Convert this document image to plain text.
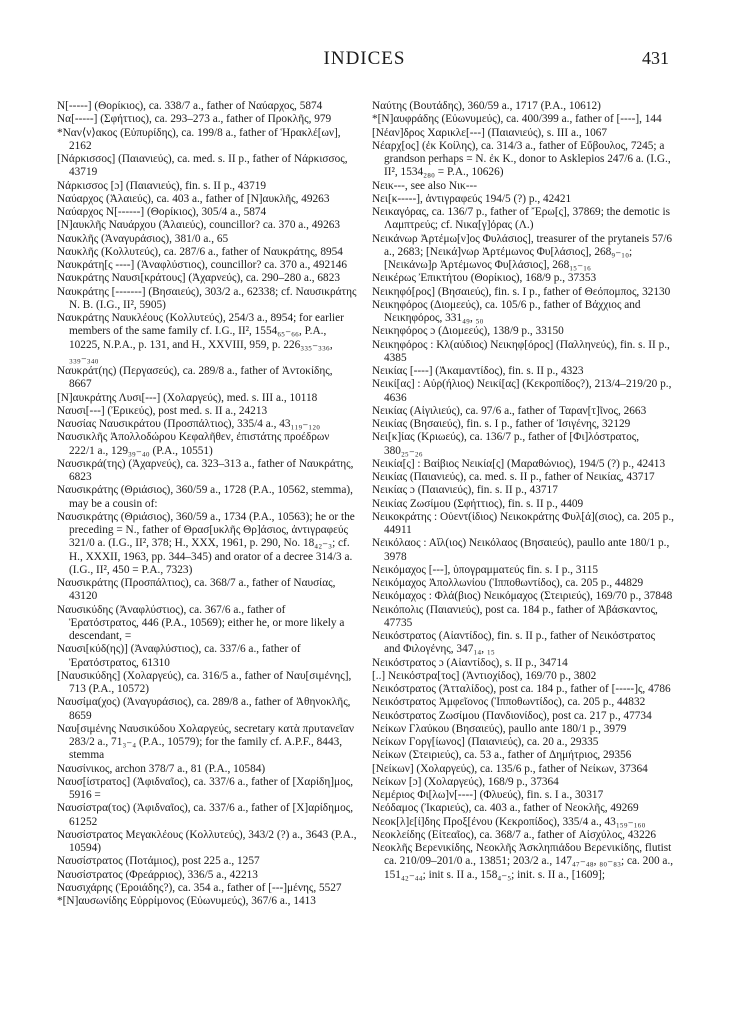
INDICES	431

N[-----] (Θορίκιος), ca. 338/7 a., father of Ναύαρχος, 5874

Να[-----] (Σφήττιος), ca. 293–273 a., father of Προκλῆς, 979

*Ναν⟨ν⟩ακος (Εὐπυρίδης), ca. 199/8 a., father of Ἡρακλέ[ων], 2162

[Νάρκισσος] (Παιανιεύς), ca. med. s. II p., father of Νάρκισσος, 43719

Νάρκισσος [ɔ] (Παιανιεύς), fin. s. II p., 43719

Ναύαρχος (Ἁλαιεύς), ca. 403 a., father of [N]αυκλῆς, 49263

Ναύαρχος N[------] (Θορίκιος), 305/4 a., 5874

[N]αυκλῆς Ναυάρχου (Ἁλαιεύς), councillor? ca. 370 a., 49263

Ναυκλῆς (Ἀναγυράσιος), 381/0 a., 65

Ναυκλῆς (Κολλυτεύς), ca. 287/6 a., father of Ναυκράτης, 8954

Ναυκράτη[ς ----] (Ἀναφλύστιος), councillor? ca. 370 a., 492146

Ναυκράτης Ναυσι[κράτους] (Ἀχαρνεύς), ca. 290–280 a., 6823

Ναυκράτης [-------] (Βησαιεύς), 303/2 a., 62338; cf. Ναυσικράτης N. B. (I.G., II², 5905)

Ναυκράτης Ναυκλέους (Κολλυτεύς), 254/3 a., 8954; for earlier members of the same family cf. I.G., II², 1554₆₅₋₆₆, P.A., 10225, N.P.A., p. 131, and H., XXVIII, 959, p. 226₃₃₅₋₃₃₆, ₃₃₉₋₃₄₀

Ναυκράτ(ης) (Περγασεύς), ca. 289/8 a., father of Ἀντοκίδης, 8667

[N]αυκράτης Λυσι[---] (Χολαργεύς), med. s. III a., 10118

Ναυσι[---] (Ἐρικεύς), post med. s. II a., 24213

Ναυσίας Ναυσικράτου (Προσπάλτιος), 335/4 a., 43₁₁₉₋₁₂₀

Ναυσικλῆς Ἀπολλοδώρου Κεφαλῆθεν, ἐπιστάτης προέδρων 222/1 a., 129₃₉₋₄₀ (P.A., 10551)

Ναυσικρά(της) (Ἀχαρνεύς), ca. 323–313 a., father of Ναυκράτης, 6823

Ναυσικράτης (Θριάσιος), 360/59 a., 1728 (P.A., 10562, stemma), may be a cousin of:

Ναυσικράτης (Θριάσιος), 360/59 a., 1734 (P.A., 10563); he or the preceding = N., father of Θρασ[υκλῆς Θρ]άσιος, ἀντιγραφεύς 321/0 a. (I.G., II², 378; H., XXX, 1961, p. 290, No. 18₄₂₋₃; cf. H., XXXII, 1963, pp. 344–345) and orator of a decree 314/3 a. (I.G., II², 450 = P.A., 7323)

Ναυσικράτης (Προσπάλτιος), ca. 368/7 a., father of Ναυσίας, 43120

Ναυσικύδης (Ἀναφλύστιος), ca. 367/6 a., father of Ἐρατόστρατος, 446 (P.A., 10569); either he, or more likely a descendant, =

Ναυσι[κύδ(ης)] (Ἀναφλύστιος), ca. 337/6 a., father of Ἐρατόστρατος, 61310

[Ναυσικύδης] (Χολαργεύς), ca. 316/5 a., father of Ναυ[σιμένης], 713 (P.A., 10572)

Ναυσίμα(χος) (Ἀναγυράσιος), ca. 289/8 a., father of Ἀθηνοκλῆς, 8659

Ναυ[σιμένης Ναυσικύδου Χολαργεύς, secretary κατὰ πρυτανεῖαν 283/2 a., 71₃₋₄ (P.A., 10579); for the family cf. A.P.F., 8443, stemma

Ναυσίνικος, archon 378/7 a., 81 (P.A., 10584)

Ναυσ[ίστρατος] (Ἀφιδναῖος), ca. 337/6 a., father of [Χαρίδη]μος, 5916 =

Ναυσίστρα(τος) (Ἀφιδναῖος), ca. 337/6 a., father of [Χ]αρίδημος, 61252

Ναυσίστρατος Μεγακλέους (Κολλυτεύς), 343/2 (?) a., 3643 (P.A., 10594)

Ναυσίστρατος (Ποτάμιος), post 225 a., 1257

Ναυσίστρατος (Φρεάρριος), 336/5 a., 42213

Ναυσιχάρης (Ἐροιάδης?), ca. 354 a., father of [---]μένης, 5527

*[N]αυσωνίδης Εὐρρίμονος (Εὐωνυμεύς), 367/6 a., 1413

Ναύτης (Βουτάδης), 360/59 a., 1717 (P.A., 10612)

*[N]αυφράδης (Εὐωνυμεύς), ca. 400/399 a., father of [----], 144

[Νέαν]δρος Χαρικλε[---] (Παιανιεύς), s. III a., 1067

Νέαρχ[ος] (ἐκ Κοίλης), ca. 314/3 a., father of Εὔβουλος, 7245; a grandson perhaps = N. ἐκ K., donor to Asklepios 247/6 a. (I.G., II², 1534₂₈₀ = P.A., 10626)

Νεικ---, see also Νικ---

Νει[κ-----], ἀντιγραφεύς 194/5 (?) p., 42421

Νεικαγόρας, ca. 136/7 p., father of Ἔρω[ς], 37869; the demotic is Λαμπτρεύς; cf. Νικα[γ]όρας (Λ.)

Νεικάνωρ Ἀρτέμω[ν]ος Φυλάσιος], treasurer of the prytaneis 57/6 a., 2683; [Νεικά]νωρ Ἀρτέμωνος Φυ[λάσιος], 268₉₋₁₀; [Νεικάνω]ρ Ἀρτέμωνος Φυ[λάσιος], 268₁₅₋₁₆

Νεικέρως Ἐπικτήτου (Θορίκιος), 168/9 p., 37353

Νεικηφό[ρος] (Βησαιεύς), fin. s. I p., father of Θεόπομπος, 32130

Νεικηφόρος (Διομεεύς), ca. 105/6 p., father of Βάχχιος and Νεικηφόρος, 331₄₉, ₅₀

Νεικηφόρος ɔ (Διομεεύς), 138/9 p., 33150

Νεικηφόρος : Κλ(αύδιος) Νεικηφ[όρος] (Παλληνεύς), fin. s. II p., 4385

Νεικίας [----] (Ἀκαμαντίδος), fin. s. II p., 4323

Νεικί[ας] : Αὐρ(ήλιος) Νεικί[ας] (Κεκροπίδος?), 213/4–219/20 p., 4636

Νεικίας (Αἰγιλιεύς), ca. 97/6 a., father of Ταραν[τ]ῖνος, 2663

Νεικίας (Βησαιεύς), fin. s. I p., father of Ἰσιγένης, 32129

Νει[κ]ίας (Κριωεύς), ca. 136/7 p., father of [Φι]λόστρατος, 380₂₅₋₂₆

Νεικία[ς] : Βαίβιος Νεικία[ς] (Μαραθώνιος), 194/5 (?) p., 42413

Νεικίας (Παιανιεύς), ca. med. s. II p., father of Νεικίας, 43717

Νεικίας ɔ (Παιανιεύς), fin. s. II p., 43717

Νεικίας Ζωσίμου (Σφήττιος), fin. s. II p., 4409

Νεικοκράτης : Οὐεντ(ίδιος) Νεικοκράτης Φυλ[ά](σιος), ca. 205 p., 44911

Νεικόλαος : Αἴλ(ιος) Νεικόλαος (Βησαιεύς), paullo ante 180/1 p., 3978

Νεικόμαχος [---], ὑπογραμματεύς fin. s. I p., 3115

Νεικόμαχος Ἀπολλωνίου (Ἱπποθωντίδος), ca. 205 p., 44829

Νεικόμαχος : Φλά(βιος) Νεικόμαχος (Στειριεύς), 169/70 p., 37848

Νεικόπολις (Παιανιεύς), post ca. 184 p., father of Ἀβάσκαντος, 47735

Νεικόστρατος (Αἰαντίδος), fin. s. II p., father of Νεικόστρατος and Φιλογένης, 347₁₄, ₁₅

Νεικόστρατος ɔ (Αἰαντίδος), s. II p., 34714

[..] Νεικόστρα[τος] (Ἀντιοχίδος), 169/70 p., 3802

Νεικόστρατος (Ἀτταλίδος), post ca. 184 p., father of [-----]ς, 4786

Νεικόστρατος Ἀμφεῖονος (Ἱπποθωντίδος), ca. 205 p., 44832

Νεικόστρατος Ζωσίμου (Πανδιονίδος), post ca. 217 p., 47734

Νείκων Γλαύκου (Βησαιεύς), paullo ante 180/1 p., 3979

Νείκων Γοργ[ίωνος] (Παιανιεύς), ca. 20 a., 29335

Νείκων (Στειριεύς), ca. 53 a., father of Δημήτριος, 29356

[Νείκων] (Χολαργεύς), ca. 135/6 p., father of Νείκων, 37364

Νείκων [ɔ] (Χολαργεύς), 168/9 p., 37364

Νεμέριος Φι[λω]ν[----] (Φλυεύς), fin. s. I a., 30317

Νεόδαμος (Ἰκαριεύς), ca. 403 a., father of Νεοκλῆς, 49269

Νεοκ[λ]ε[ί]δης Προξ[ένου (Κεκροπίδος), 335/4 a., 43₁₅₉₋₁₆₀

Νεοκλείδης (Εἰτεαῖος), ca. 368/7 a., father of Αἰσχύλος, 43226

Νεοκλῆς Βερενικίδης, Νεοκλῆς Ἀσκληπιάδου Βερενικίδης, flutist ca. 210/09–201/0 a., 13851; 203/2 a., 147₄₇₋₄₈, ₈₀₋₈₃; ca. 200 a., 151₄₂₋₄₄; init s. II a., 158₄₋₅; init. s. II a., [1609];
